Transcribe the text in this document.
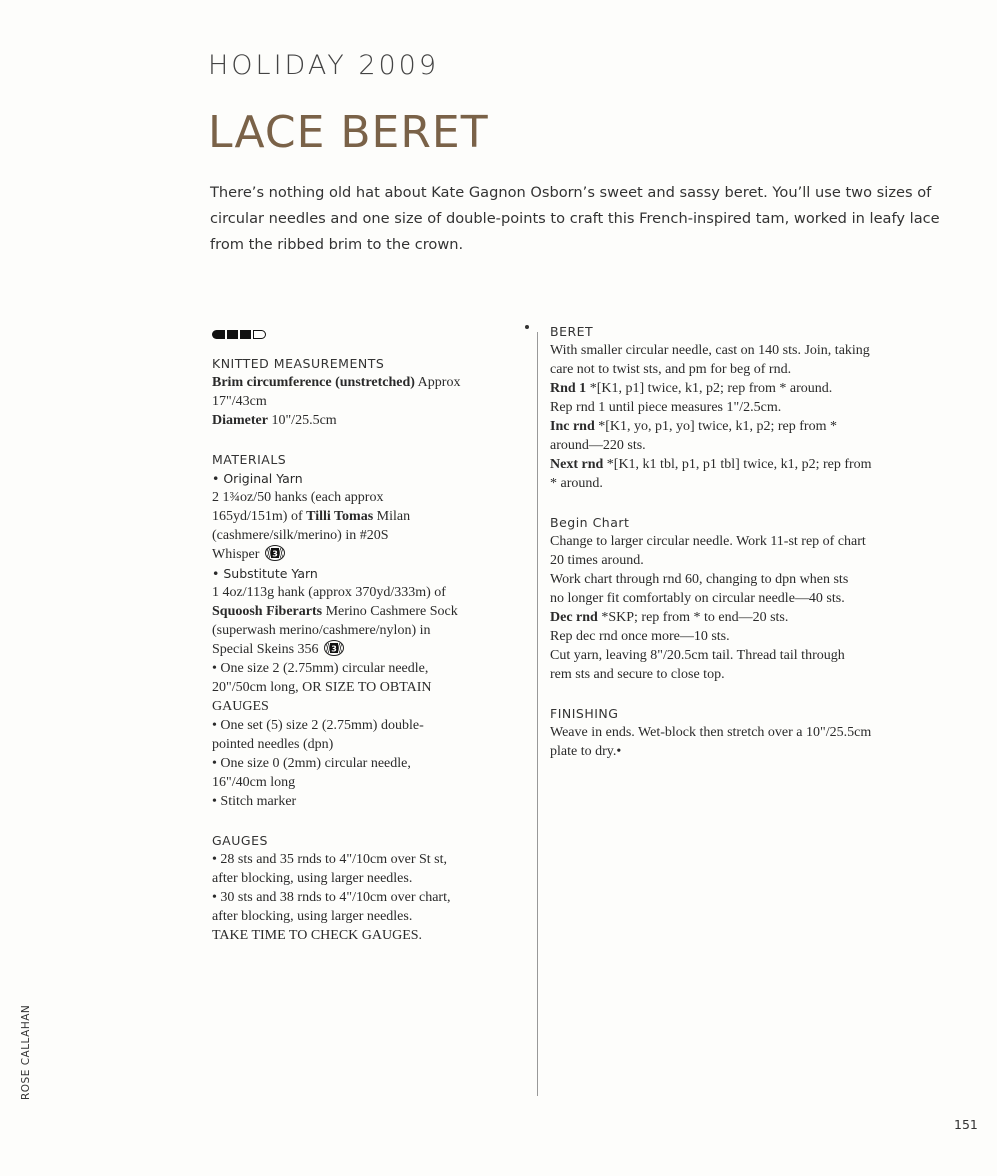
HOLIDAY 2009
LACE BERET

There’s nothing old hat about Kate Gagnon Osborn’s sweet and sassy beret. You’ll use two sizes of circular needles and one size of double-points to craft this French-inspired tam, worked in leafy lace from the ribbed brim to the crown.

KNITTED MEASUREMENTS
Brim circumference (unstretched) Approx
17"/43cm
Diameter 10"/25.5cm
MATERIALS
• Original Yarn
2 1¾oz/50 hanks (each approx
165yd/151m) of Tilli Tomas Milan
(cashmere/silk/merino) in #20S
Whisper 3
• Substitute Yarn
1 4oz/113g hank (approx 370yd/333m) of
Squoosh Fiberarts Merino Cashmere Sock
(superwash merino/cashmere/nylon) in
Special Skeins 356 3
• One size 2 (2.75mm) circular needle,
20"/50cm long, OR SIZE TO OBTAIN
GAUGES
• One set (5) size 2 (2.75mm) double-
pointed needles (dpn)
• One size 0 (2mm) circular needle,
16"/40cm long
• Stitch marker
GAUGES
• 28 sts and 35 rnds to 4"/10cm over St st,
after blocking, using larger needles.
• 30 sts and 38 rnds to 4"/10cm over chart,
after blocking, using larger needles.
TAKE TIME TO CHECK GAUGES.
BERET
With smaller circular needle, cast on 140 sts. Join, taking
care not to twist sts, and pm for beg of rnd.
Rnd 1 *[K1, p1] twice, k1, p2; rep from * around.
Rep rnd 1 until piece measures 1"/2.5cm.
Inc rnd *[K1, yo, p1, yo] twice, k1, p2; rep from *
around—220 sts.
Next rnd *[K1, k1 tbl, p1, p1 tbl] twice, k1, p2; rep from
* around.
Begin Chart
Change to larger circular needle. Work 11-st rep of chart
20 times around.
Work chart through rnd 60, changing to dpn when sts
no longer fit comfortably on circular needle—40 sts.
Dec rnd *SKP; rep from * to end—20 sts.
Rep dec rnd once more—10 sts.
Cut yarn, leaving 8"/20.5cm tail. Thread tail through
rem sts and secure to close top.
FINISHING
Weave in ends. Wet-block then stretch over a 10"/25.5cm
plate to dry.•
ROSE CALLAHAN
151
